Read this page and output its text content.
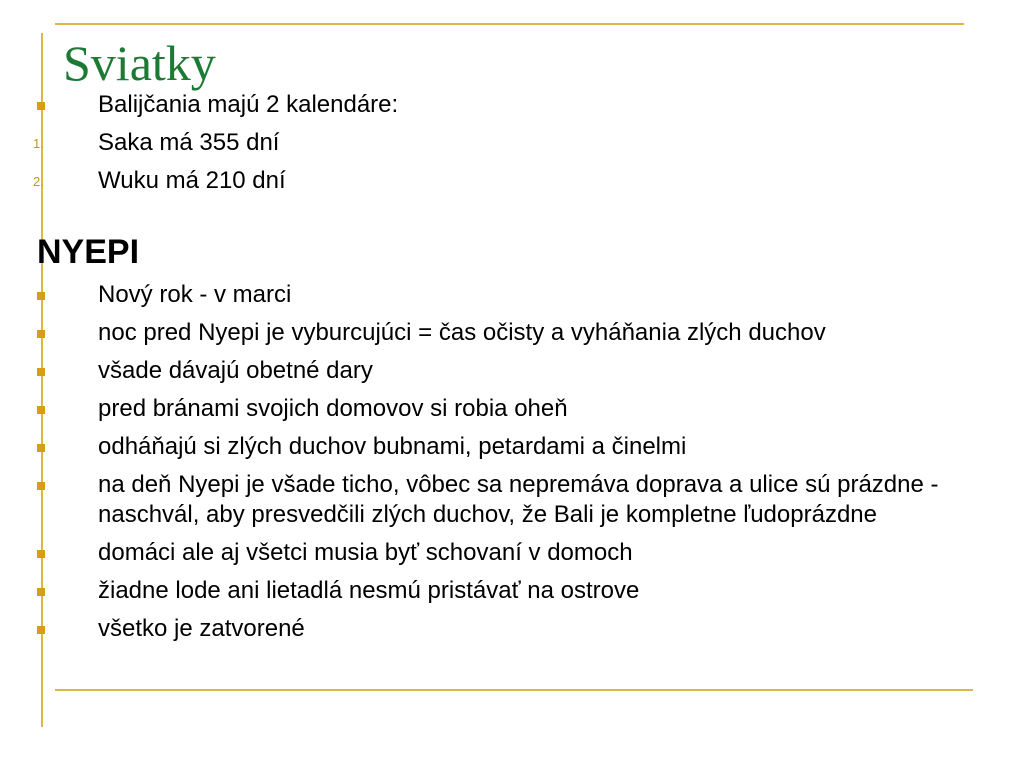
Sviatky
Balijčania majú 2 kalendáre:
1. Saka má 355 dní
2. Wuku má 210 dní
NYEPI
Nový rok - v marci
noc pred Nyepi je vyburcujúci = čas očisty a vyháňania zlých duchov
všade dávajú obetné dary
pred bránami svojich domovov si robia oheň
odháňajú si zlých duchov bubnami, petardami a činelmi
na deň Nyepi je všade ticho, vôbec sa nepremáva doprava a ulice sú prázdne - naschvál, aby presvedčili zlých duchov, že Bali je kompletne ľudoprázdne
domáci ale aj všetci musia byť schovaní v domoch
žiadne lode ani lietadlá nesmú pristávať na ostrove
všetko je zatvorené
